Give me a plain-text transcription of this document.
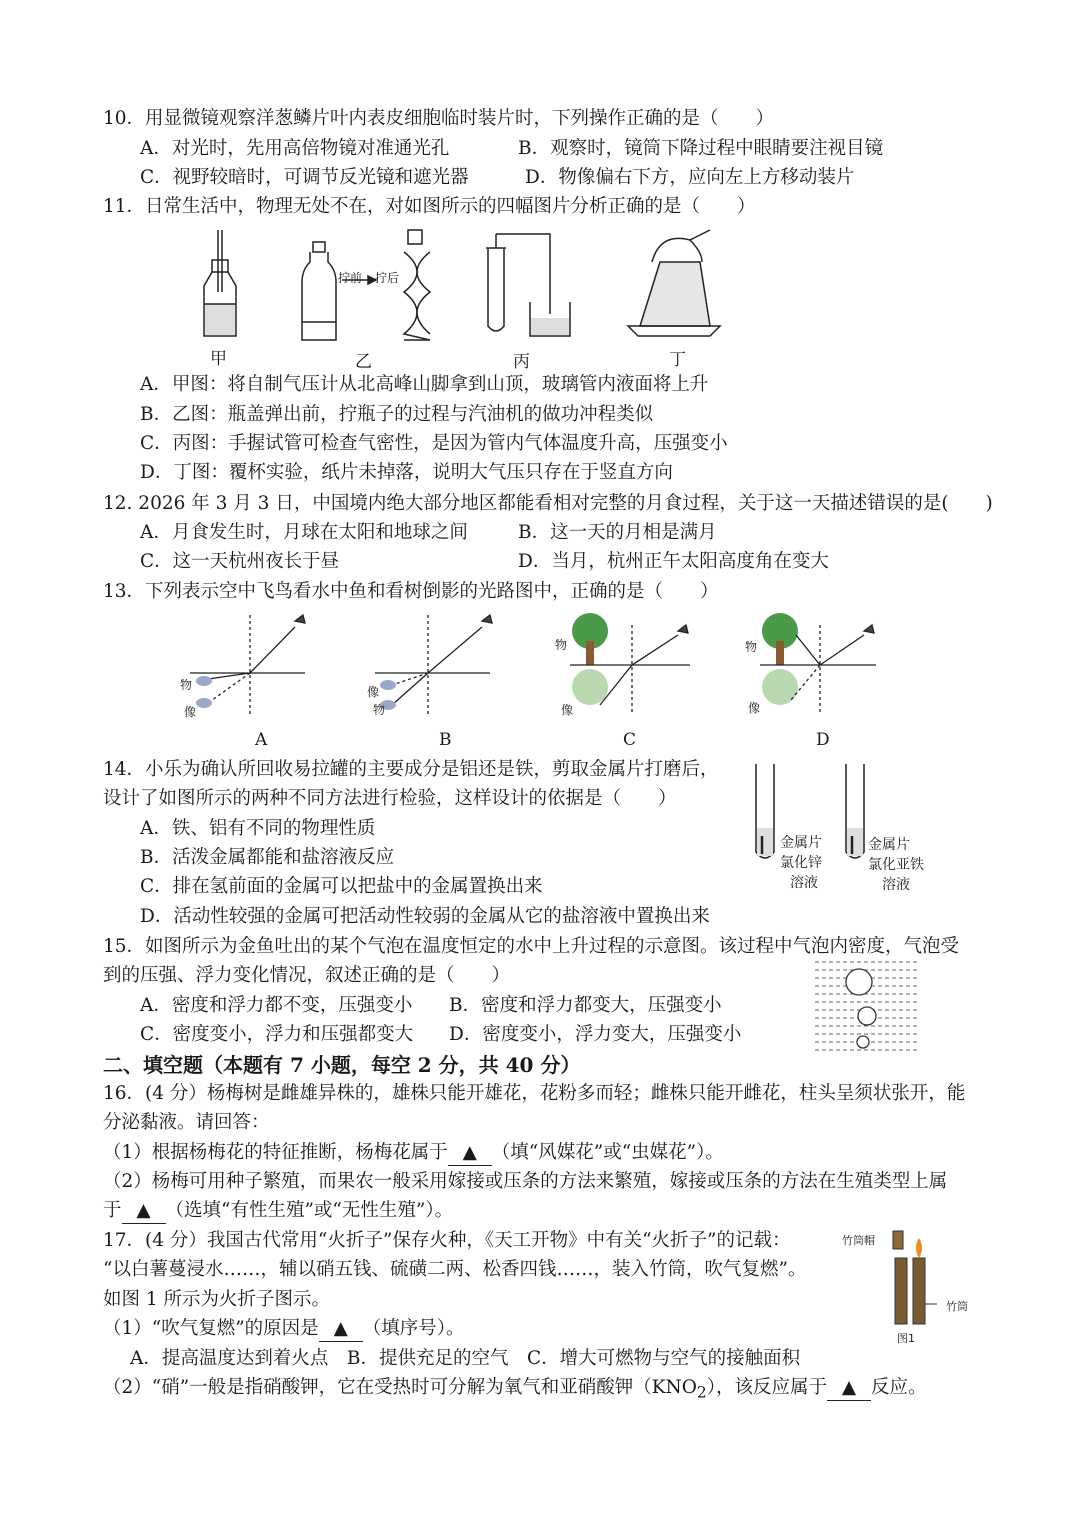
10．用显微镜观察洋葱鳞片叶内表皮细胞临时装片时，下列操作正确的是（　　）
A．对光时，先用高倍物镜对准通光孔	B．观察时，镜筒下降过程中眼睛要注视目镜
C．视野较暗时，可调节反光镜和遮光器	D．物像偏右下方，应向左上方移动装片
11．日常生活中，物理无处不在，对如图所示的四幅图片分析正确的是（　　）
甲	乙	丙	丁
拧前 拧后
A．甲图：将自制气压计从北高峰山脚拿到山顶，玻璃管内液面将上升
B．乙图：瓶盖弹出前，拧瓶子的过程与汽油机的做功冲程类似
C．丙图：手握试管可检查气密性，是因为管内气体温度升高，压强变小
D．丁图：覆杯实验，纸片未掉落，说明大气压只存在于竖直方向
12. 2026 年 3 月 3 日，中国境内绝大部分地区都能看相对完整的月食过程，关于这一天描述错误的是(　　)
A．月食发生时，月球在太阳和地球之间	B．这一天的月相是满月
C．这一天杭州夜长于昼	D．当月，杭州正午太阳高度角在变大
13．下列表示空中飞鸟看水中鱼和看树倒影的光路图中，正确的是（　　）
物
像
像
物
物
像
物
像
A	B	C	D
14．小乐为确认所回收易拉罐的主要成分是铝还是铁，剪取金属片打磨后，
设计了如图所示的两种不同方法进行检验，这样设计的依据是（　　）
A．铁、铝有不同的物理性质
B．活泼金属都能和盐溶液反应
C．排在氢前面的金属可以把盐中的金属置换出来
D．活动性较强的金属可把活动性较弱的金属从它的盐溶液中置换出来
金属片
氯化锌
溶液
金属片
氯化亚铁
溶液
15．如图所示为金鱼吐出的某个气泡在温度恒定的水中上升过程的示意图。该过程中气泡内密度，气泡受
到的压强、浮力变化情况，叙述正确的是（　　）
A．密度和浮力都不变，压强变小 B．密度和浮力都变大，压强变小
C．密度变小，浮力和压强都变大 D．密度变小，浮力变大，压强变小
二、填空题（本题有 7 小题，每空 2 分，共 40 分）
16．(4 分）杨梅树是雌雄异株的，雄株只能开雄花，花粉多而轻；雌株只能开雌花，柱头呈须状张开，能
分泌黏液。请回答：
（1）根据杨梅花的特征推断，杨梅花属于 ▲ （填“风媒花”或“虫媒花”）。
（2）杨梅可用种子繁殖，而果农一般采用嫁接或压条的方法来繁殖，嫁接或压条的方法在生殖类型上属
于 ▲ （选填“有性生殖”或“无性生殖”）。
17．(4 分）我国古代常用“火折子”保存火种，《天工开物》中有关“火折子”的记载：
“以白薯蔓浸水……，辅以硝五钱、硫磺二两、松香四钱……，装入竹筒，吹气复燃”。
如图 1 所示为火折子图示。
（1）“吹气复燃”的原因是 ▲ （填序号）。
A．提高温度达到着火点　B．提供充足的空气　C．增大可燃物与空气的接触面积
（2）“硝”一般是指硝酸钾，它在受热时可分解为氧气和亚硝酸钾$(KNO_2)$，该反应属于 ▲ 反应。
竹筒帽
竹筒
图1
